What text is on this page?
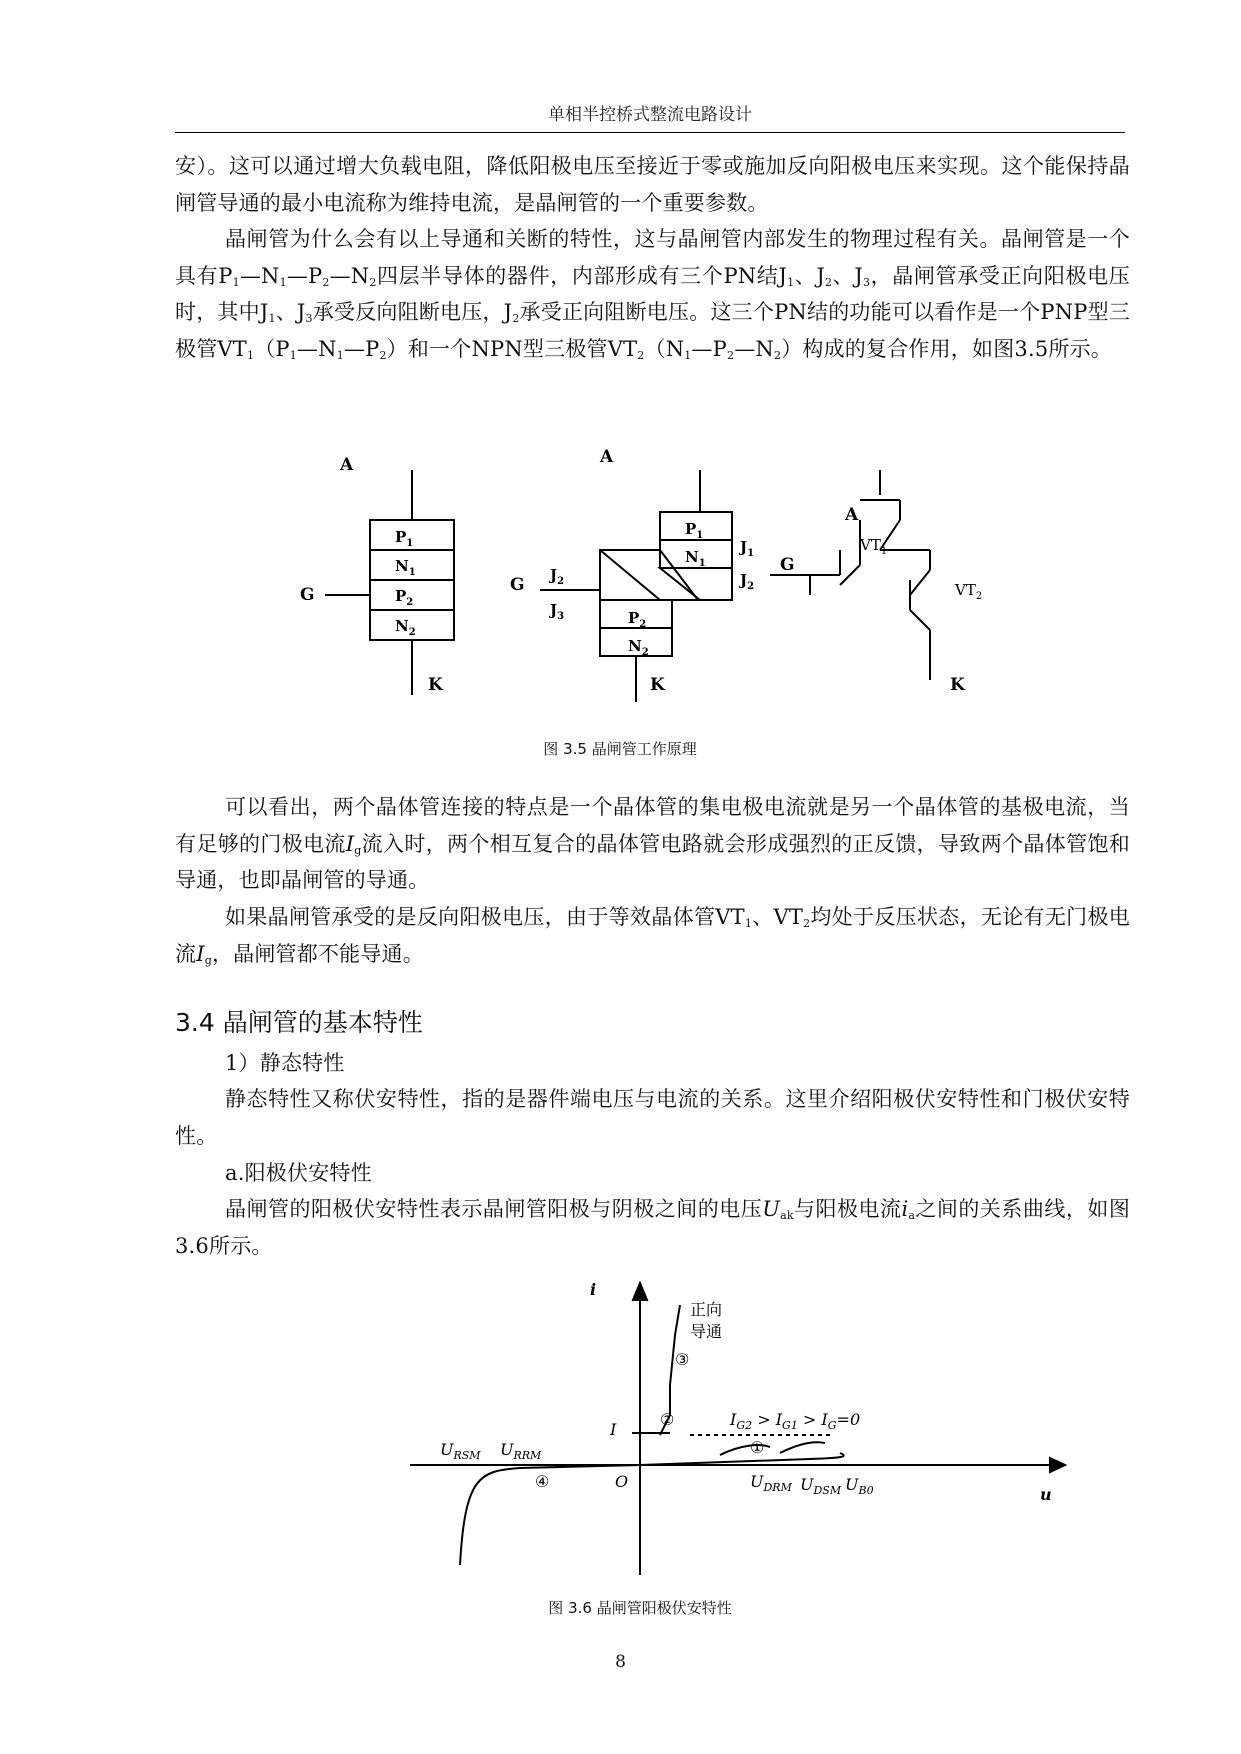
单相半控桥式整流电路设计

安）。这可以通过增大负载电阻，降低阳极电压至接近于零或施加反向阳极电压来实现。这个能保持晶闸管导通的最小电流称为维持电流，是晶闸管的一个重要参数。

晶闸管为什么会有以上导通和关断的特性，这与晶闸管内部发生的物理过程有关。晶闸管是一个具有$P_1—N_1—P_2—N_2$四层半导体的器件，内部形成有三个PN结$J_1$、$J_2$、$J_3$，晶闸管承受正向阳极电压时，其中$J_1$、$J_3$承受反向阻断电压，$J_2$承受正向阻断电压。这三个PN结的功能可以看作是一个PNP型三极管$VT_1(P_1—N_1—P_2)$和一个NPN型三极管$VT_2(N_1—P_2—N_2)$构成的复合作用，如图3.5所示。

A
G
K
$P_1$
$N_1$
$P_2$
$N_2$
A
G
K
$P_1$
$N_1$
$P_2$
$N_2$
$J_1$
$J_2$
$J_2$
$J_3$
A
G
K
$VT_1$
$VT_2$
图 3.5 晶闸管工作原理

可以看出，两个晶体管连接的特点是一个晶体管的集电极电流就是另一个晶体管的基极电流，当有足够的门极电流$I_g$流入时，两个相互复合的晶体管电路就会形成强烈的正反馈，导致两个晶体管饱和导通，也即晶闸管的导通。

如果晶闸管承受的是反向阳极电压，由于等效晶体管$VT_1$、$VT_2$均处于反压状态，无论有无门极电流$I_g$，晶闸管都不能导通。

3.4 晶闸管的基本特性

1）静态特性

静态特性又称伏安特性，指的是器件端电压与电流的关系。这里介绍阳极伏安特性和门极伏安特性。

a.阳极伏安特性

晶闸管的阳极伏安特性表示晶闸管阳极与阴极之间的电压$U_{ak}$与阳极电流$i_a$之间的关系曲线，如图3.6所示。

i
u
O
I
正向
导通
③
②
①
④
$U_{RSM}$ $U_{RRM}$
$U_{DRM}$ $U_{DSM}$ $U_{B0}$
$I_{G2} > I_{G1} > I_G=0$
图 3.6 晶闸管阳极伏安特性
8
